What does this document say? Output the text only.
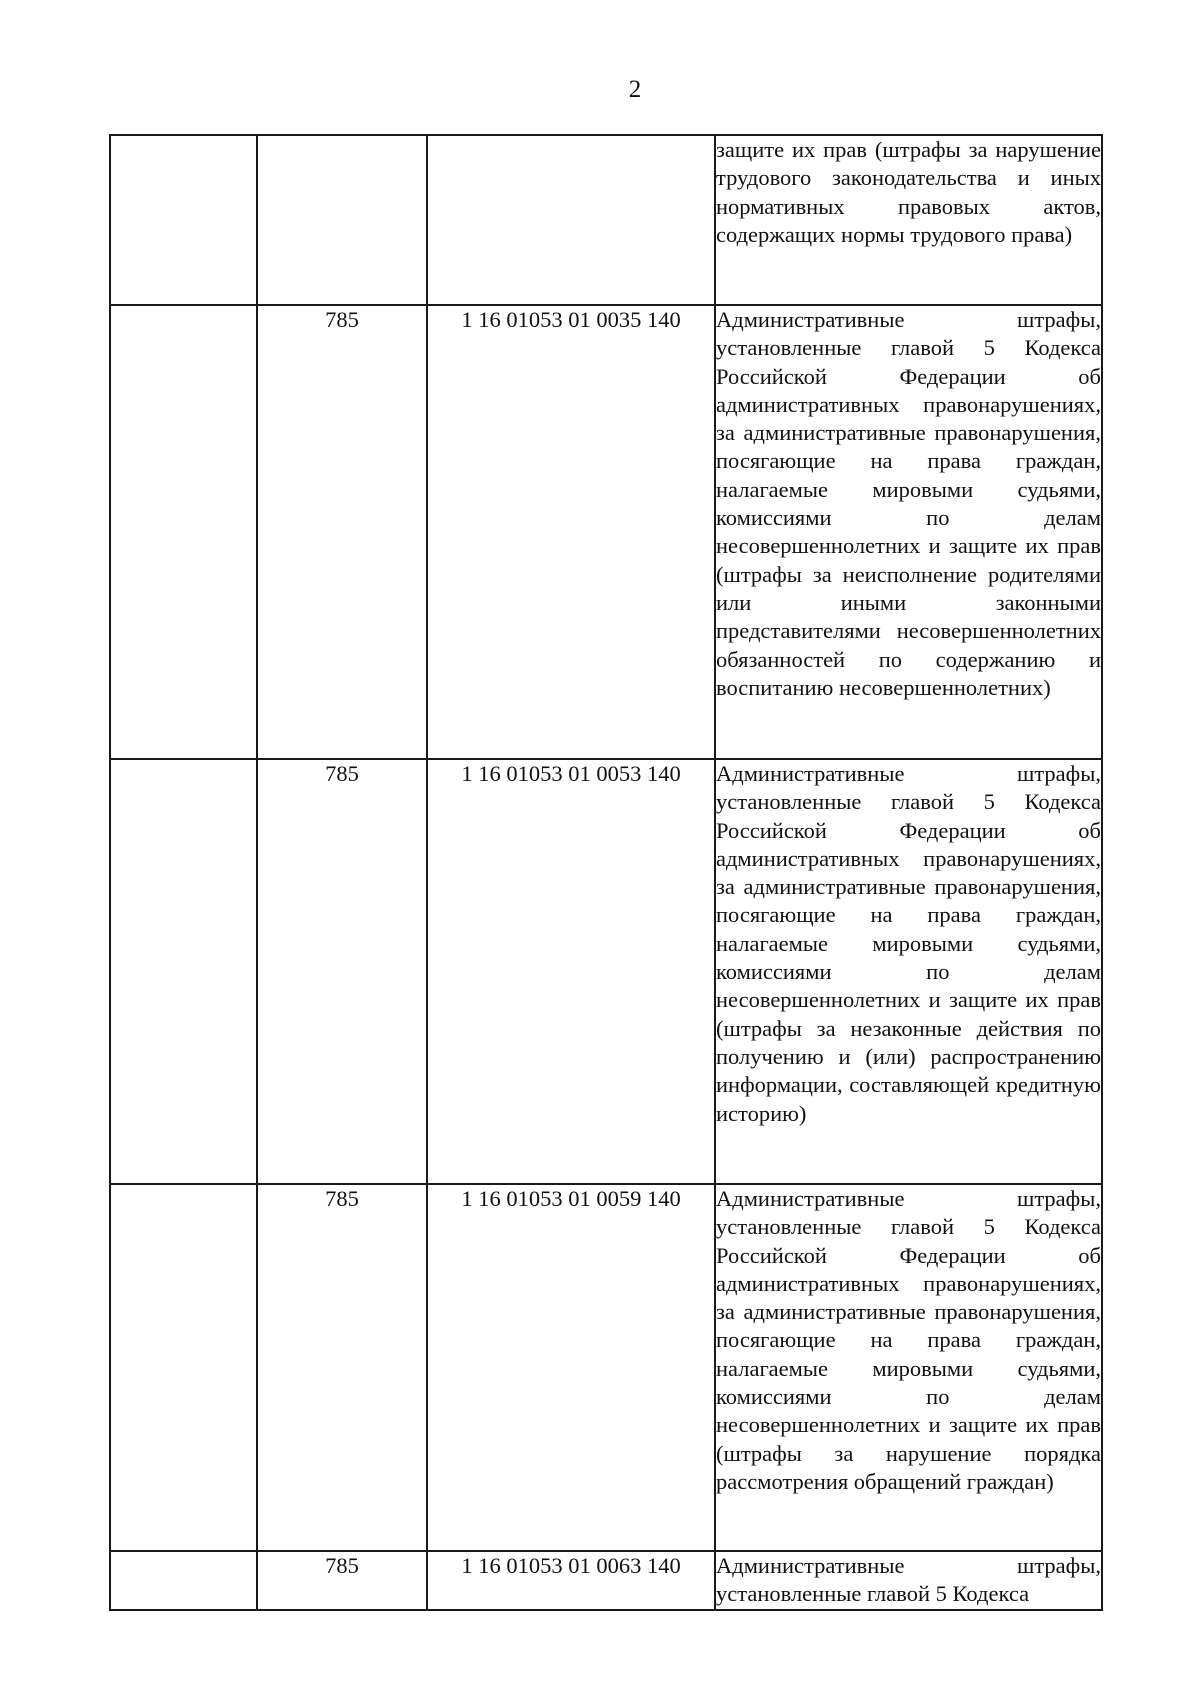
2

			защите их прав (штрафы за нарушение трудового законодательства и иных нормативных правовых актов, содержащих нормы трудового права)

	785	1 16 01053 01 0035 140	Административные штрафы, установленные главой 5 Кодекса Российской Федерации об административных правонарушениях, за административные правонарушения, посягающие на права граждан, налагаемые мировыми судьями, комиссиями по делам несовершеннолетних и защите их прав (штрафы за неисполнение родителями или иными законными представителями несовершеннолетних обязанностей по содержанию и воспитанию несовершеннолетних)

	785	1 16 01053 01 0053 140	Административные штрафы, установленные главой 5 Кодекса Российской Федерации об административных правонарушениях, за административные правонарушения, посягающие на права граждан, налагаемые мировыми судьями, комиссиями по делам несовершеннолетних и защите их прав (штрафы за незаконные действия по получению и (или) распространению информации, составляющей кредитную историю)

	785	1 16 01053 01 0059 140	Административные штрафы, установленные главой 5 Кодекса Российской Федерации об административных правонарушениях, за административные правонарушения, посягающие на права граждан, налагаемые мировыми судьями, комиссиями по делам несовершеннолетних и защите их прав (штрафы за нарушение порядка рассмотрения обращений граждан)

	785	1 16 01053 01 0063 140	Административные штрафы, установленные главой 5 Кодекса
